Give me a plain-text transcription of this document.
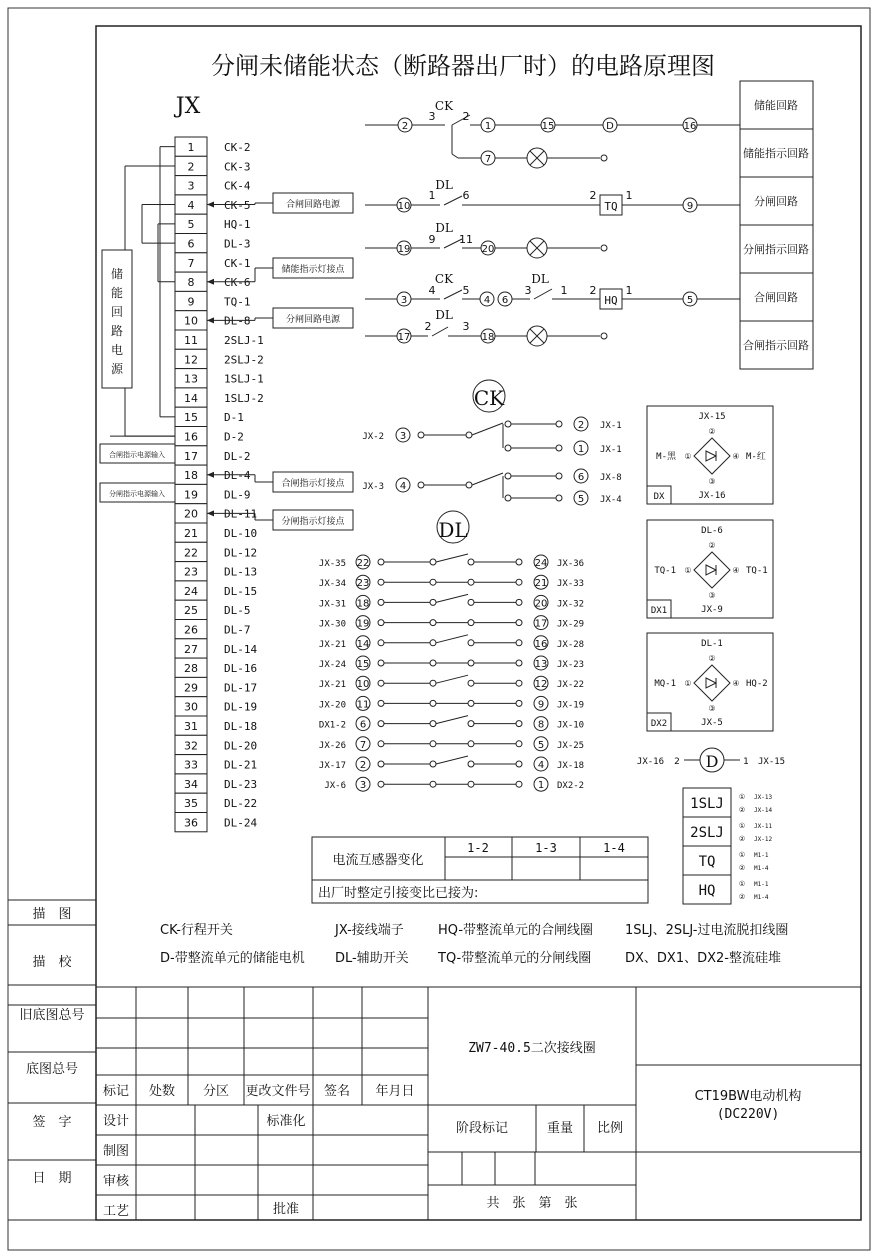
分闸未储能状态（断路器出厂时）的电路原理图
JX
1	CK-2
2	CK-3
3	CK-4
4	CK-5
5	HQ-1
6	DL-3
7	CK-1
8	CK-6
9	TQ-1
10 DL-8
11 2SLJ-1
12 2SLJ-2
13 1SLJ-1
14 1SLJ-2
15 D-1
16 D-2
17 DL-2
18 DL-4
19 DL-9
20 DL-11
21 DL-10
22 DL-12
23 DL-13
24 DL-15
25 DL-5
26 DL-7
27 DL-14
28 DL-16
29 DL-17
30 DL-19
31 DL-18
32 DL-20
33 DL-21
34 DL-23
35 DL-22
36 DL-24
储
能
回
路
电
源
合闸指示电源输入
分闸指示电源输入
合闸回路电源
储能指示灯接点
分闸回路电源
合闸指示灯接点
分闸指示灯接点
2
CK
3 2
1	15	D	16
7
10
DL
1 6	2
TQ
1
9
19
DL
9 11
20
3
CK
4 5
4 6
DL
3	1 2
HQ
1
5
17
DL
2	3
18
储能回路
储能指示回路
分闸回路
分闸指示回路
合闸回路
合闸指示回路
CK
JX-2 3
JX-3 4
2 JX-1
1 JX-1
6 JX-8
5 JX-4
DL
JX-35 22	24 JX-36
JX-34 23	21 JX-33
JX-31 18	20 JX-32
JX-30 19	17 JX-29
JX-21 14	16 JX-28
JX-24 15	13 JX-23
JX-21 10	12 JX-22
JX-20 11	9 JX-19
DX1-2 6	8 JX-10
JX-26 7	5 JX-25
JX-17 2	4 JX-18
JX-6 3	1 DX2-2
JX-15
JX-16
M-黑	M-红
DX
②
③
①	④
DL-6
JX-9
TQ-1	TQ-1
DX1
②
③
①	④
DL-1
JX-5
MQ-1	HQ-2
DX2
②
③
①	④
JX-16 2 D	1 JX-15
1SLJ ①
②
JX-13
JX-14
2SLJ ①
②
JX-11
JX-12
TQ	①
②
M1-1
M1-4
HQ	①
②
M1-1
M1-4
电流互感器变化
1-2	1-3	1-4
出厂时整定引接变比已接为:
CK-行程开关	JX-接线端子	HQ-带整流单元的合闸线圈 1SLJ、2SLJ-过电流脱扣线圈
D-带整流单元的储能电机 DL-辅助开关 TQ-带整流单元的分闸线圈	DX、DX1、DX2-整流硅堆
描　图
描　校
旧底图总号
底图总号
签　字
日　期
标记 处数 分区 更改文件号 签名 年月日
设计
制图
审核
工艺
标准化
批准
ZW7-40.5二次接线圈
阶段标记	重量 比例
CT19BW电动机构
(DC220V)
共　张　第　张
